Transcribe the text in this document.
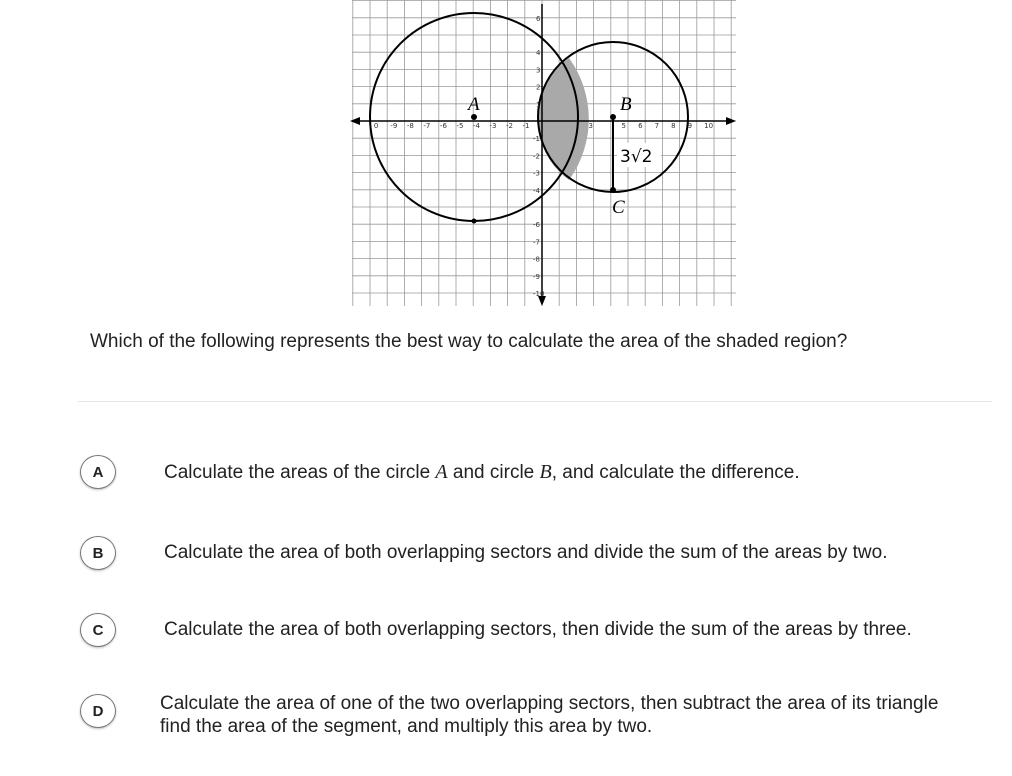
0 -9 -8 -7 -6 -5 -4 -3 -2 -1	3	5 6 7 8 9 10
6
4
3
2
1
-1
-2
-3
-4
-6
-7
-8
-9
-10
A	B
C
3√2
Which of the following represents the best way to calculate the area of the shaded region?
A	Calculate the areas of the circle A and circle B, and calculate the difference.
B	Calculate the area of both overlapping sectors and divide the sum of the areas by two.
C	Calculate the area of both overlapping sectors, then divide the sum of the areas by three.
D	Calculate the area of one of the two overlapping sectors, then subtract the area of its triangle
find the area of the segment, and multiply this area by two.
